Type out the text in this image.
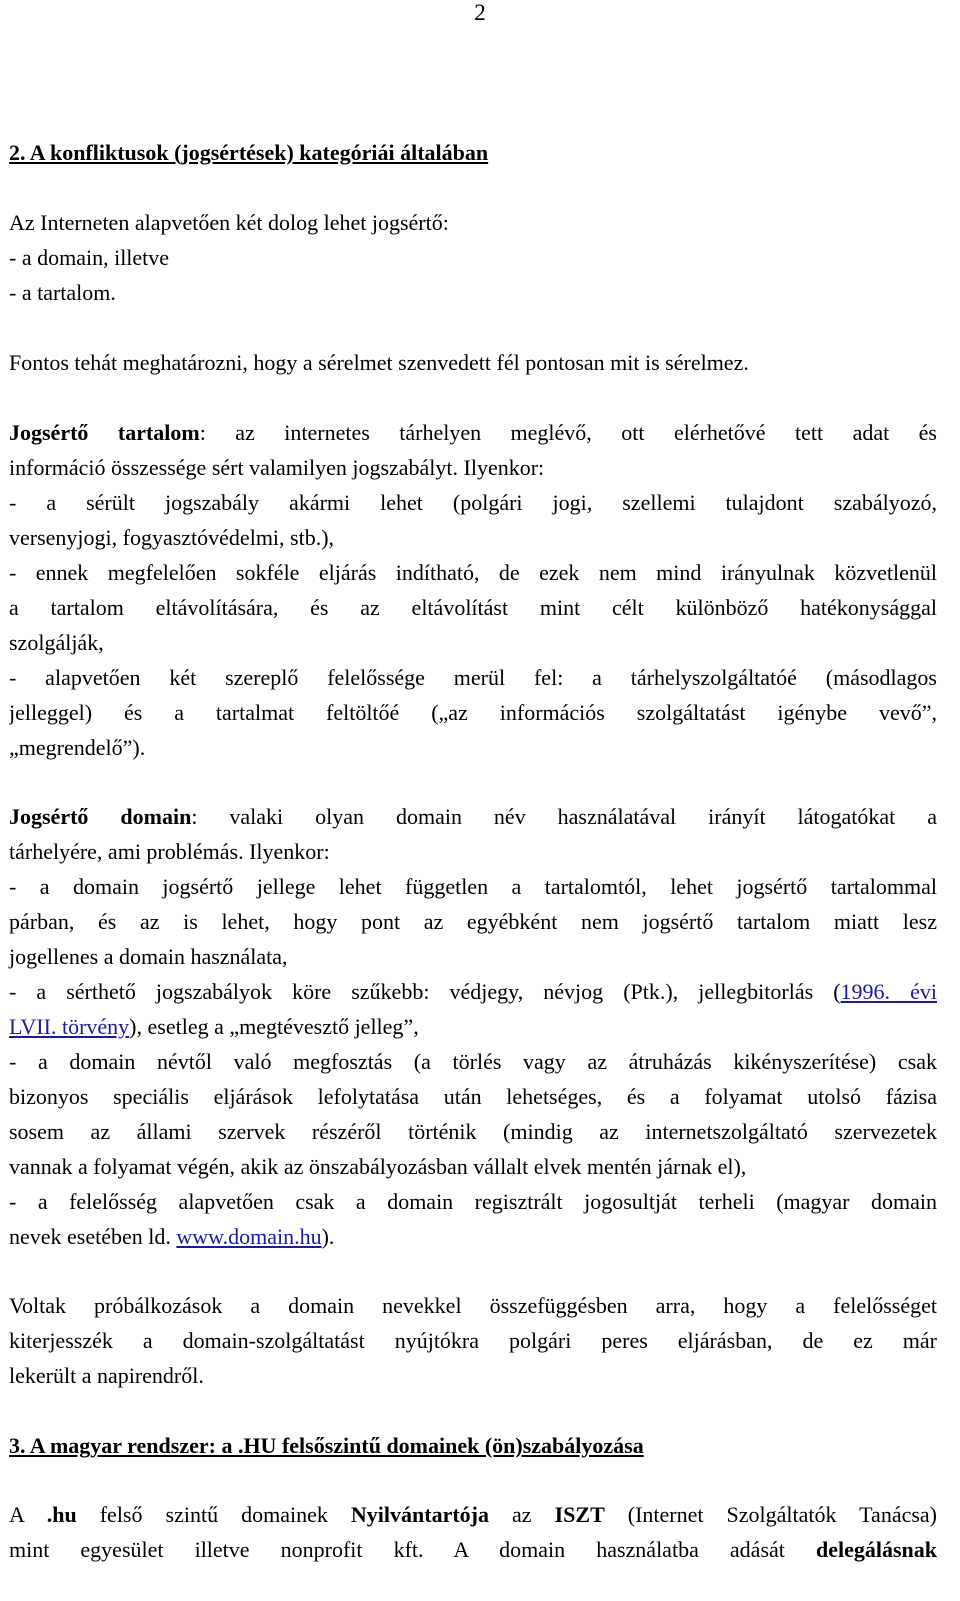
2
2. A konfliktusok (jogsértések) kategóriái általában
Az Interneten alapvetően két dolog lehet jogsértő:
- a domain, illetve
- a tartalom.
Fontos tehát meghatározni, hogy a sérelmet szenvedett fél pontosan mit is sérelmez.
Jogsértő tartalom: az internetes tárhelyen meglévő, ott elérhetővé tett adat és
információ összessége sért valamilyen jogszabályt. Ilyenkor:
- a sérült jogszabály akármi lehet (polgári jogi, szellemi tulajdont szabályozó,
versenyjogi, fogyasztóvédelmi, stb.),
- ennek megfelelően sokféle eljárás indítható, de ezek nem mind irányulnak közvetlenül
a tartalom eltávolítására, és az eltávolítást mint célt különböző hatékonysággal
szolgálják,
- alapvetően két szereplő felelőssége merül fel: a tárhelyszolgáltatóé (másodlagos
jelleggel) és a tartalmat feltöltőé („az információs szolgáltatást igénybe vevő”,
„megrendelő”).
Jogsértő domain: valaki olyan domain név használatával irányít látogatókat a
tárhelyére, ami problémás. Ilyenkor:
- a domain jogsértő jellege lehet független a tartalomtól, lehet jogsértő tartalommal
párban, és az is lehet, hogy pont az egyébként nem jogsértő tartalom miatt lesz
jogellenes a domain használata,
- a sérthető jogszabályok köre szűkebb: védjegy, névjog (Ptk.), jellegbitorlás (1996. évi
LVII. törvény), esetleg a „megtévesztő jelleg”,
- a domain névtől való megfosztás (a törlés vagy az átruházás kikényszerítése) csak
bizonyos speciális eljárások lefolytatása után lehetséges, és a folyamat utolsó fázisa
sosem az állami szervek részéről történik (mindig az internetszolgáltató szervezetek
vannak a folyamat végén, akik az önszabályozásban vállalt elvek mentén járnak el),
- a felelősség alapvetően csak a domain regisztrált jogosultját terheli (magyar domain
nevek esetében ld. www.domain.hu).
Voltak próbálkozások a domain nevekkel összefüggésben arra, hogy a felelősséget
kiterjesszék a domain-szolgáltatást nyújtókra polgári peres eljárásban, de ez már
lekerült a napirendről.
3. A magyar rendszer: a .HU felsőszintű domainek (ön)szabályozása
A .hu felső szintű domainek Nyilvántartója az ISZT (Internet Szolgáltatók Tanácsa)
mint egyesület illetve nonprofit kft. A domain használatba adását delegálásnak
